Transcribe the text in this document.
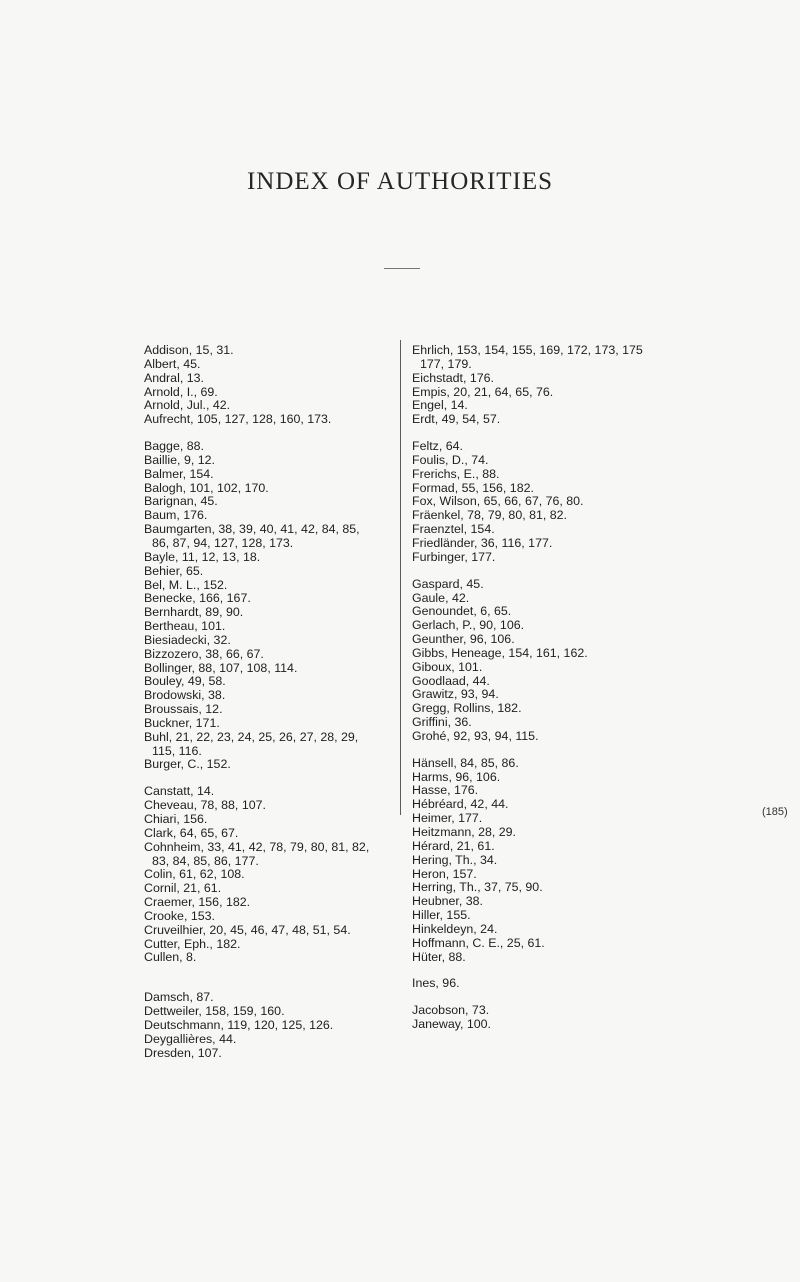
INDEX OF AUTHORITIES
Addison, 15, 31.
Albert, 45.
Andral, 13.
Arnold, I., 69.
Arnold, Jul., 42.
Aufrecht, 105, 127, 128, 160, 173.
Bagge, 88.
Baillie, 9, 12.
Balmer, 154.
Balogh, 101, 102, 170.
Barignan, 45.
Baum, 176.
Baumgarten, 38, 39, 40, 41, 42, 84, 85,
86, 87, 94, 127, 128, 173.
Bayle, 11, 12, 13, 18.
Behier, 65.
Bel, M. L., 152.
Benecke, 166, 167.
Bernhardt, 89, 90.
Bertheau, 101.
Biesiadecki, 32.
Bizzozero, 38, 66, 67.
Bollinger, 88, 107, 108, 114.
Bouley, 49, 58.
Brodowski, 38.
Broussais, 12.
Buckner, 171.
Buhl, 21, 22, 23, 24, 25, 26, 27, 28, 29,
115, 116.
Burger, C., 152.
Canstatt, 14.
Cheveau, 78, 88, 107.
Chiari, 156.
Clark, 64, 65, 67.
Cohnheim, 33, 41, 42, 78, 79, 80, 81, 82,
83, 84, 85, 86, 177.
Colin, 61, 62, 108.
Cornil, 21, 61.
Craemer, 156, 182.
Crooke, 153.
Cruveilhier, 20, 45, 46, 47, 48, 51, 54.
Cutter, Eph., 182.
Cullen, 8.
Damsch, 87.
Dettweiler, 158, 159, 160.
Deutschmann, 119, 120, 125, 126.
Deygallières, 44.
Dresden, 107.
Ehrlich, 153, 154, 155, 169, 172, 173, 175
177, 179.
Eichstadt, 176.
Empis, 20, 21, 64, 65, 76.
Engel, 14.
Erdt, 49, 54, 57.
Feltz, 64.
Foulis, D., 74.
Frerichs, E., 88.
Formad, 55, 156, 182.
Fox, Wilson, 65, 66, 67, 76, 80.
Fräenkel, 78, 79, 80, 81, 82.
Fraenztel, 154.
Friedländer, 36, 116, 177.
Furbinger, 177.
Gaspard, 45.
Gaule, 42.
Genoundet, 6, 65.
Gerlach, P., 90, 106.
Geunther, 96, 106.
Gibbs, Heneage, 154, 161, 162.
Giboux, 101.
Goodlaad, 44.
Grawitz, 93, 94.
Gregg, Rollins, 182.
Griffini, 36.
Grohé, 92, 93, 94, 115.
Hänsell, 84, 85, 86.
Harms, 96, 106.
Hasse, 176.
Hébréard, 42, 44.
Heimer, 177.
Heitzmann, 28, 29.
Hérard, 21, 61.
Hering, Th., 34.
Heron, 157.
Herring, Th., 37, 75, 90.
Heubner, 38.
Hiller, 155.
Hinkeldeyn, 24.
Hoffmann, C. E., 25, 61.
Hüter, 88.
Ines, 96.
Jacobson, 73.
Janeway, 100.
(185)
